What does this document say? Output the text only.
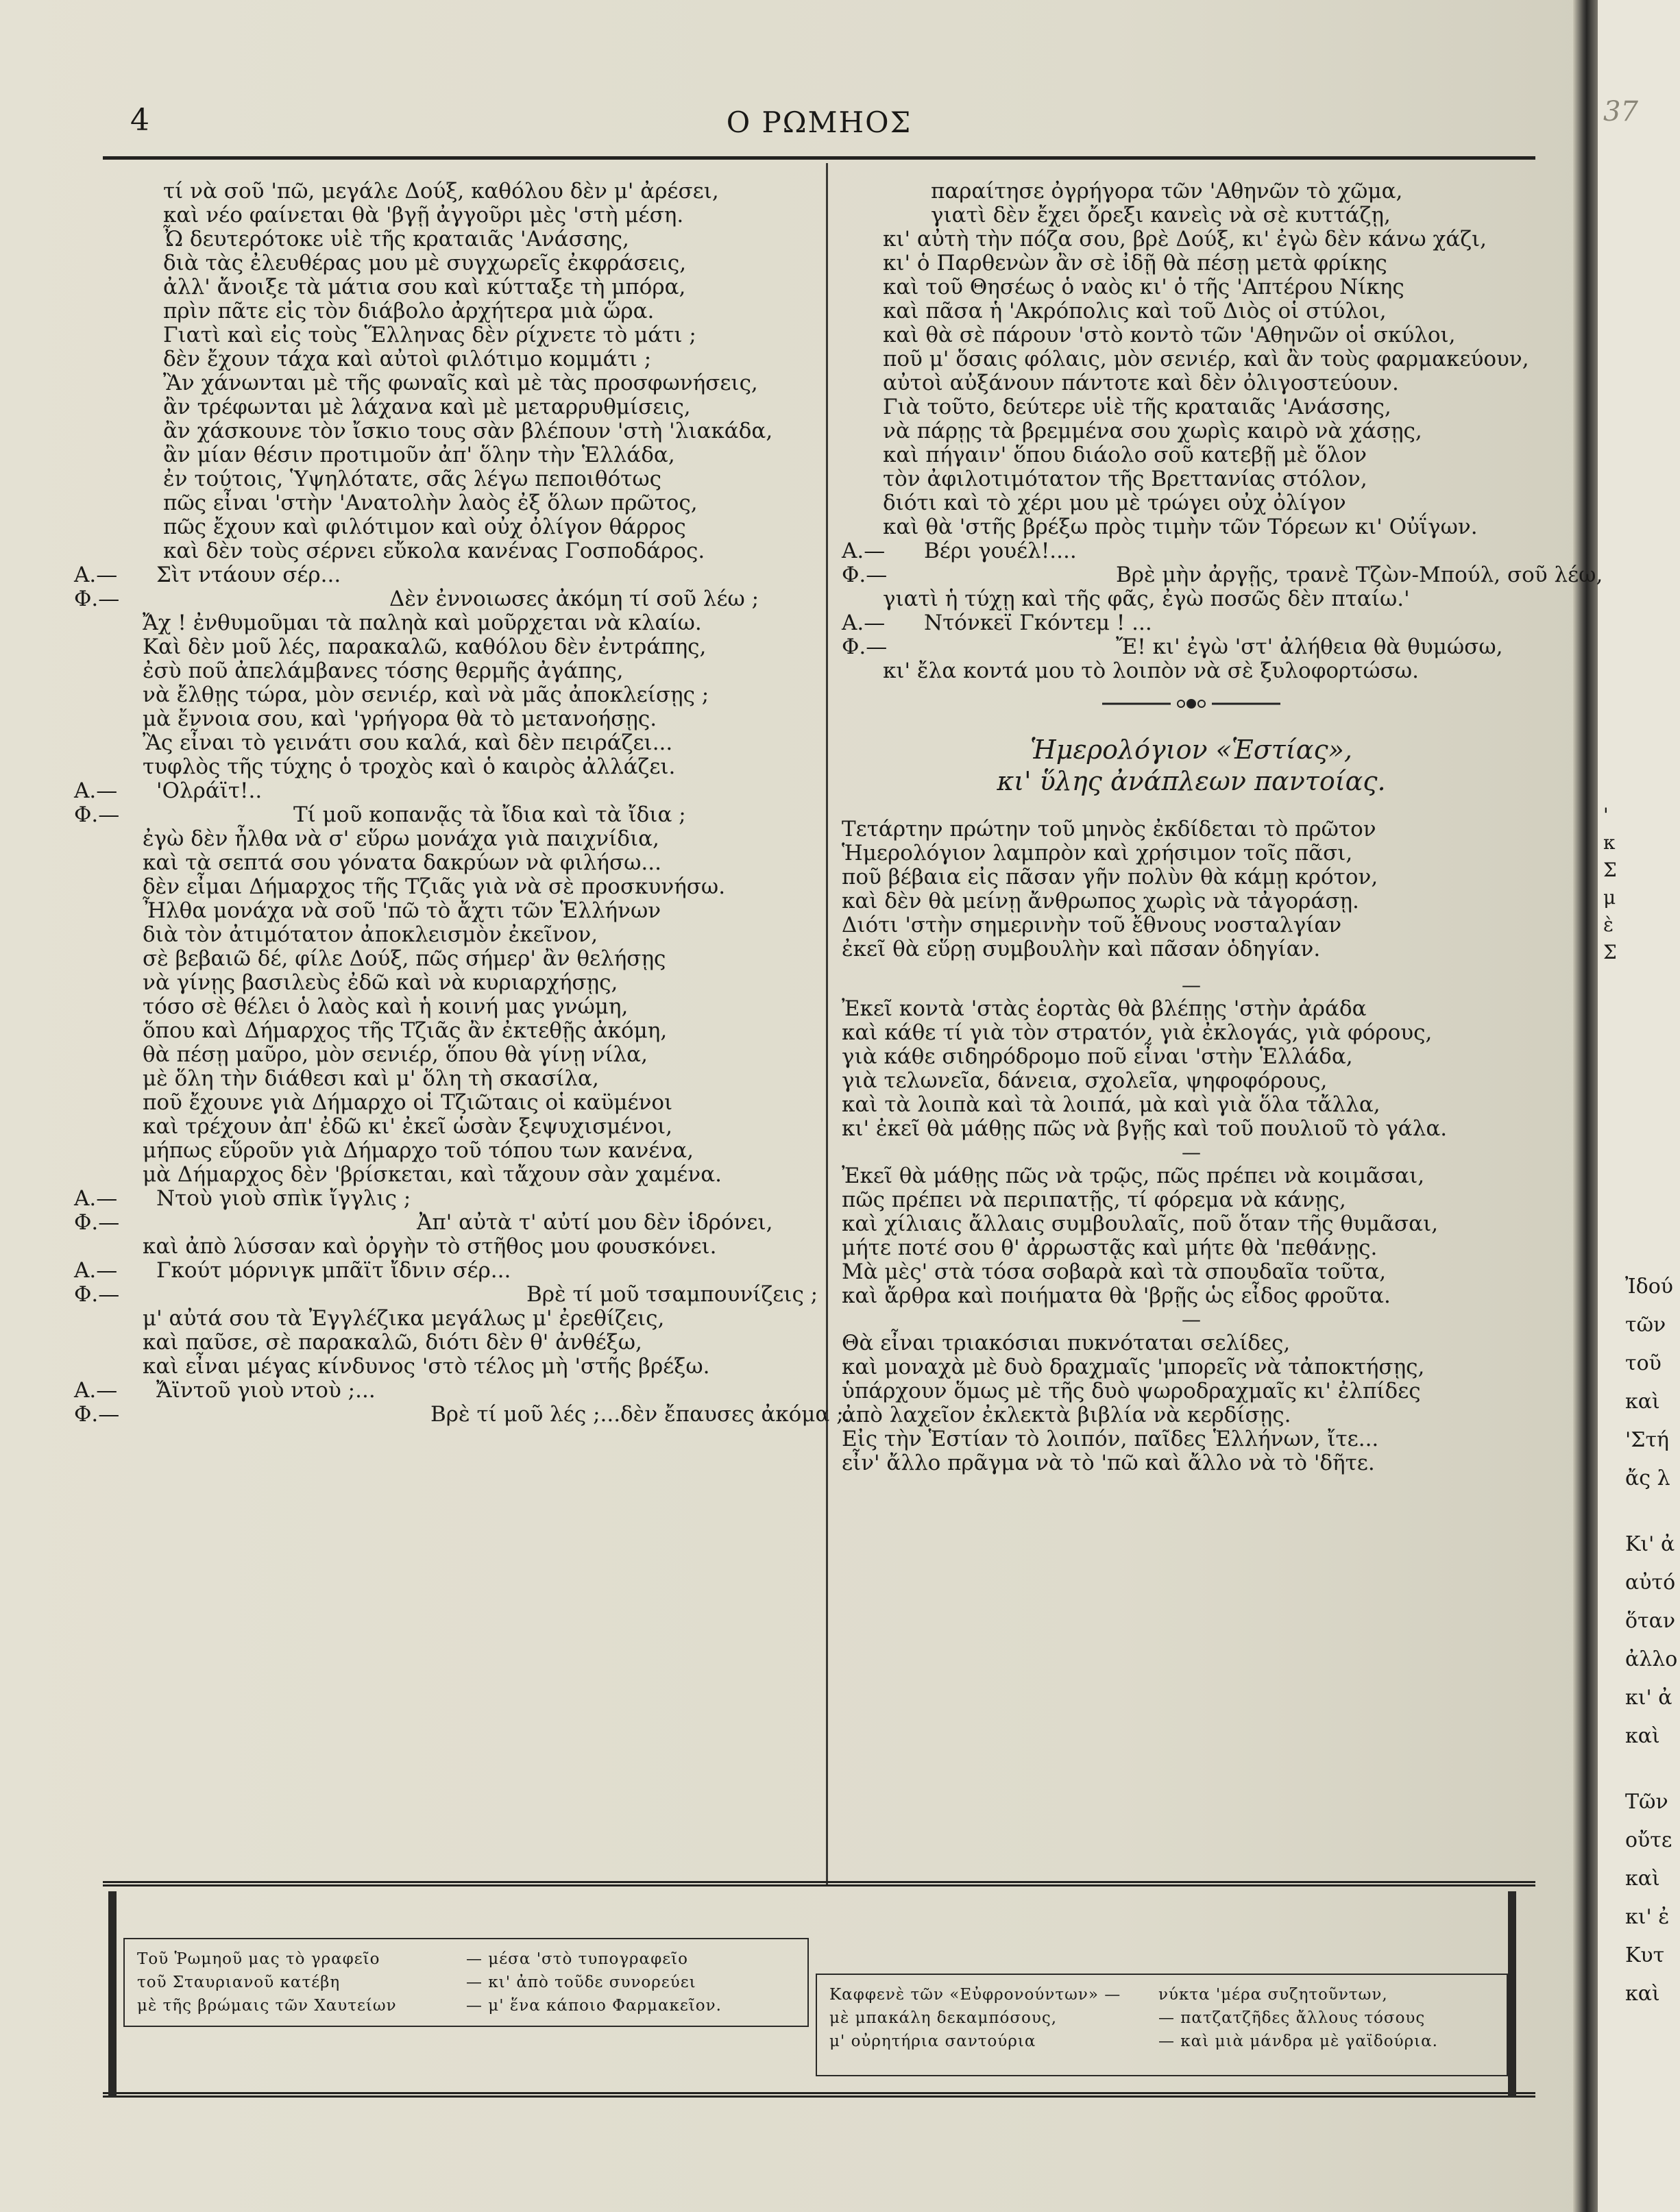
37
'
κ
Σ
μ
ὲ
Σ
Ἰδού
τῶν
τοῦ
καὶ
'Στή
ἄς λ
Κι' ἀ
αὐτό
ὅταν
ἀλλο
κι' ἀ
καὶ
Τῶν
οὔτε
καὶ
κι' ἐ
Κυτ
καὶ
4	Ο ΡΩΜΗΟΣ
τί νὰ σοῦ 'πῶ, μεγάλε Δούξ, καθόλου δὲν μ' ἀρέσει,
καὶ νέο φαίνεται θὰ 'βγῇ ἀγγοῦρι μὲς 'στὴ μέση.
Ὦ δευτερότοκε υἱὲ τῆς κραταιᾶς 'Ανάσσης,
διὰ τὰς ἐλευθέρας μου μὲ συγχωρεῖς ἐκφράσεις,
ἀλλ' ἄνοιξε τὰ μάτια σου καὶ κύτταξε τὴ μπόρα,
πρὶν πᾶτε εἰς τὸν διάβολο ἀρχήτερα μιὰ ὥρα.
Γιατὶ καὶ εἰς τοὺς Ἕλληνας δὲν ρίχνετε τὸ μάτι ;
δὲν ἔχουν τάχα καὶ αὐτοὶ φιλότιμο κομμάτι ;
Ἂν χάνωνται μὲ τῆς φωναῖς καὶ μὲ τὰς προσφωνήσεις,
ἂν τρέφωνται μὲ λάχανα καὶ μὲ μεταρρυθμίσεις,
ἂν χάσκουνε τὸν ἴσκιο τους σὰν βλέπουν 'στὴ 'λιακάδα,
ἂν μίαν θέσιν προτιμοῦν ἀπ' ὅλην τὴν Ἑλλάδα,
ἐν τούτοις, Ὑψηλότατε, σᾶς λέγω πεποιθότως
πῶς εἶναι 'στὴν 'Ανατολὴν λαὸς ἐξ ὅλων πρῶτος,
πῶς ἔχουν καὶ φιλότιμον καὶ οὐχ ὀλίγον θάρρος
καὶ δὲν τοὺς σέρνει εὔκολα κανένας Γοσποδάρος.
Α.—	Σὶτ ντάουν σέρ...
Φ.—	Δὲν ἐννοιωσες ἀκόμη τί σοῦ λέω ;
Ἄχ ! ἐνθυμοῦμαι τὰ παληὰ καὶ μοῦρχεται νὰ κλαίω.
Καὶ δὲν μοῦ λές, παρακαλῶ, καθόλου δὲν ἐντράπης,
ἐσὺ ποῦ ἀπελάμβανες τόσης θερμῆς ἀγάπης,
νὰ ἔλθῃς τώρα, μὸν σενιέρ, καὶ νὰ μᾶς ἀποκλείσῃς ;
μὰ ἔννοια σου, καὶ 'γρήγορα θὰ τὸ μετανοήσῃς.
Ἂς εἶναι τὸ γεινάτι σου καλά, καὶ δὲν πειράζει...
τυφλὸς τῆς τύχης ὁ τροχὸς καὶ ὁ καιρὸς ἀλλάζει.
Α.—	'Ολράϊτ!..
Φ.—	Τί μοῦ κοπανᾷς τὰ ἴδια καὶ τὰ ἴδια ;
ἐγὼ δὲν ἦλθα νὰ σ' εὕρω μονάχα γιὰ παιχνίδια,
καὶ τὰ σεπτά σου γόνατα δακρύων νὰ φιλήσω...
δὲν εἶμαι Δήμαρχος τῆς Τζιᾶς γιὰ νὰ σὲ προσκυνήσω.
Ἦλθα μονάχα νὰ σοῦ 'πῶ τὸ ἄχτι τῶν Ἑλλήνων
διὰ τὸν ἀτιμότατον ἀποκλεισμὸν ἐκεῖνον,
σὲ βεβαιῶ δέ, φίλε Δούξ, πῶς σήμερ' ἂν θελήσῃς
νὰ γίνῃς βασιλεὺς ἐδῶ καὶ νὰ κυριαρχήσῃς,
τόσο σὲ θέλει ὁ λαὸς καὶ ἡ κοινή μας γνώμη,
ὅπου καὶ Δήμαρχος τῆς Τζιᾶς ἂν ἐκτεθῇς ἀκόμη,
θὰ πέσῃ μαῦρο, μὸν σενιέρ, ὅπου θὰ γίνῃ νίλα,
μὲ ὅλη τὴν διάθεσι καὶ μ' ὅλη τὴ σκασίλα,
ποῦ ἔχουνε γιὰ Δήμαρχο οἱ Τζιῶταις οἱ καϋμένοι
καὶ τρέχουν ἀπ' ἐδῶ κι' ἐκεῖ ὡσὰν ξεψυχισμένοι,
μήπως εὕροῦν γιὰ Δήμαρχο τοῦ τόπου των κανένα,
μὰ Δήμαρχος δὲν 'βρίσκεται, καὶ τἄχουν σὰν χαμένα.
Α.—	Ντοὺ γιοὺ σπὶκ ἴγγλις ;
Φ.—	Ἀπ' αὐτὰ τ' αὐτί μου δὲν ἱδρόνει,
καὶ ἀπὸ λύσσαν καὶ ὀργὴν τὸ στῆθος μου φουσκόνει.
Α.—	Γκούτ μόρνιγκ μπᾶϊτ ἴδνιν σέρ...
Φ.—	Βρὲ τί μοῦ τσαμπουνίζεις ;
μ' αὐτά σου τὰ Ἐγγλέζικα μεγάλως μ' ἐρεθίζεις,
καὶ παῦσε, σὲ παρακαλῶ, διότι δὲν θ' ἀνθέξω,
καὶ εἶναι μέγας κίνδυνος 'στὸ τέλος μὴ 'στῆς βρέξω.
Α.—	Ἄϊντοῦ γιοὺ ντοὺ ;...
Φ.—	Βρὲ τί μοῦ λές ;...δὲν ἔπαυσες ἀκόμα ;.
παραίτησε ὀγρήγορα τῶν 'Αθηνῶν τὸ χῶμα,
γιατὶ δὲν ἔχει ὄρεξι κανεὶς νὰ σὲ κυττάζῃ,
κι' αὐτὴ τὴν πόζα σου, βρὲ Δούξ, κι' ἐγὼ δὲν κάνω χάζι,
κι' ὁ Παρθενὼν ἂν σὲ ἰδῇ θὰ πέσῃ μετὰ φρίκης
καὶ τοῦ Θησέως ὁ ναὸς κι' ὁ τῆς 'Απτέρου Νίκης
καὶ πᾶσα ἡ 'Ακρόπολις καὶ τοῦ Διὸς οἱ στύλοι,
καὶ θὰ σὲ πάρουν 'στὸ κοντὸ τῶν 'Αθηνῶν οἱ σκύλοι,
ποῦ μ' ὅσαις φόλαις, μὸν σενιέρ, καὶ ἂν τοὺς φαρμακεύουν,
αὐτοὶ αὐξάνουν πάντοτε καὶ δὲν ὀλιγοστεύουν.
Γιὰ τοῦτο, δεύτερε υἱὲ τῆς κραταιᾶς 'Ανάσσης,
νὰ πάρῃς τὰ βρεμμένα σου χωρὶς καιρὸ νὰ χάσῃς,
καὶ πήγαιν' ὅπου διάολο σοῦ κατεβῇ μὲ ὅλον
τὸν ἀφιλοτιμότατον τῆς Βρεττανίας στόλον,
διότι καὶ τὸ χέρι μου μὲ τρώγει οὐχ ὀλίγον
καὶ θὰ 'στῆς βρέξω πρὸς τιμὴν τῶν Τόρεων κι' Οὐΐγων.
Α.—	Βέρι γουέλ!....
Φ.—	Βρὲ μὴν ἀργῇς, τρανὲ Τζὼν-Μπούλ, σοῦ λέω,
γιατὶ ἡ τύχῃ καὶ τῆς φᾶς, ἐγὼ ποσῶς δὲν πταίω.'
Α.—	Ντόνκεϊ Γκόντεμ ! ...
Φ.—	Ἔ! κι' ἐγὼ 'στ' ἀλήθεια θὰ θυμώσω,
κι' ἔλα κοντά μου τὸ λοιπὸν νὰ σὲ ξυλοφορτώσω.
Ἡμερολόγιον «Ἑστίας»,
κι' ὕλης ἀνάπλεων παντοίας.
Τετάρτην πρώτην τοῦ μηνὸς ἐκδίδεται τὸ πρῶτον
Ἡμερολόγιον λαμπρὸν καὶ χρήσιμον τοῖς πᾶσι,
ποῦ βέβαια εἰς πᾶσαν γῆν πολὺν θὰ κάμῃ κρότον,
καὶ δὲν θὰ μείνῃ ἄνθρωπος χωρὶς νὰ τἀγοράσῃ.
Διότι 'στὴν σημερινὴν τοῦ ἔθνους νοσταλγίαν
ἐκεῖ θὰ εὕρῃ συμβουλὴν καὶ πᾶσαν ὁδηγίαν.
—
Ἐκεῖ κοντὰ 'στὰς ἑορτὰς θὰ βλέπῃς 'στὴν ἀράδα
καὶ κάθε τί γιὰ τὸν στρατόν, γιὰ ἐκλογάς, γιὰ φόρους,
γιὰ κάθε σιδηρόδρομο ποῦ εἶναι 'στὴν Ἑλλάδα,
γιὰ τελωνεῖα, δάνεια, σχολεῖα, ψηφοφόρους,
καὶ τὰ λοιπὰ καὶ τὰ λοιπά, μὰ καὶ γιὰ ὅλα τἄλλα,
κι' ἐκεῖ θὰ μάθῃς πῶς νὰ βγῇς καὶ τοῦ πουλιοῦ τὸ γάλα.
—
Ἐκεῖ θὰ μάθῃς πῶς νὰ τρῷς, πῶς πρέπει νὰ κοιμᾶσαι,
πῶς πρέπει νὰ περιπατῇς, τί φόρεμα νὰ κάνῃς,
καὶ χίλιαις ἄλλαις συμβουλαῖς, ποῦ ὅταν τῆς θυμᾶσαι,
μήτε ποτέ σου θ' ἀρρωστᾷς καὶ μήτε θὰ 'πεθάνῃς.
Μὰ μὲς' στὰ τόσα σοβαρὰ καὶ τὰ σπουδαῖα τοῦτα,
καὶ ἄρθρα καὶ ποιήματα θὰ 'βρῇς ὡς εἶδος φροῦτα.
—
Θὰ εἶναι τριακόσιαι πυκνόταται σελίδες,
καὶ μοναχὰ μὲ δυὸ δραχμαῖς 'μπορεῖς νὰ τἀποκτήσῃς,
ὑπάρχουν ὅμως μὲ τῆς δυὸ ψωροδραχμαῖς κι' ἐλπίδες
ἀπὸ λαχεῖον ἐκλεκτὰ βιβλία νὰ κερδίσῃς.
Εἰς τὴν Ἑστίαν τὸ λοιπόν, παῖδες Ἑλλήνων, ἴτε...
εἶν' ἄλλο πρᾶγμα νὰ τὸ 'πῶ καὶ ἄλλο νὰ τὸ 'δῆτε.
Τοῦ Ῥωμηοῦ μας τὸ γραφεῖο	— μέσα 'στὸ τυπογραφεῖο
τοῦ Σταυριανοῦ κατέβη	— κι' ἀπὸ τοῦδε συνορεύει
μὲ τῆς βρώμαις τῶν Χαυτείων	— μ' ἕνα κάποιο Φαρμακεῖον.
Καφφενὲ τῶν «Εὐφρονούντων» —	νύκτα 'μέρα συζητοῦντων,
μὲ μπακάλη δεκαμπόσους,	— πατζατζῆδες ἄλλους τόσους
μ' οὐρητήρια σαντούρια	— καὶ μιὰ μάνδρα μὲ γαϊδούρια.
